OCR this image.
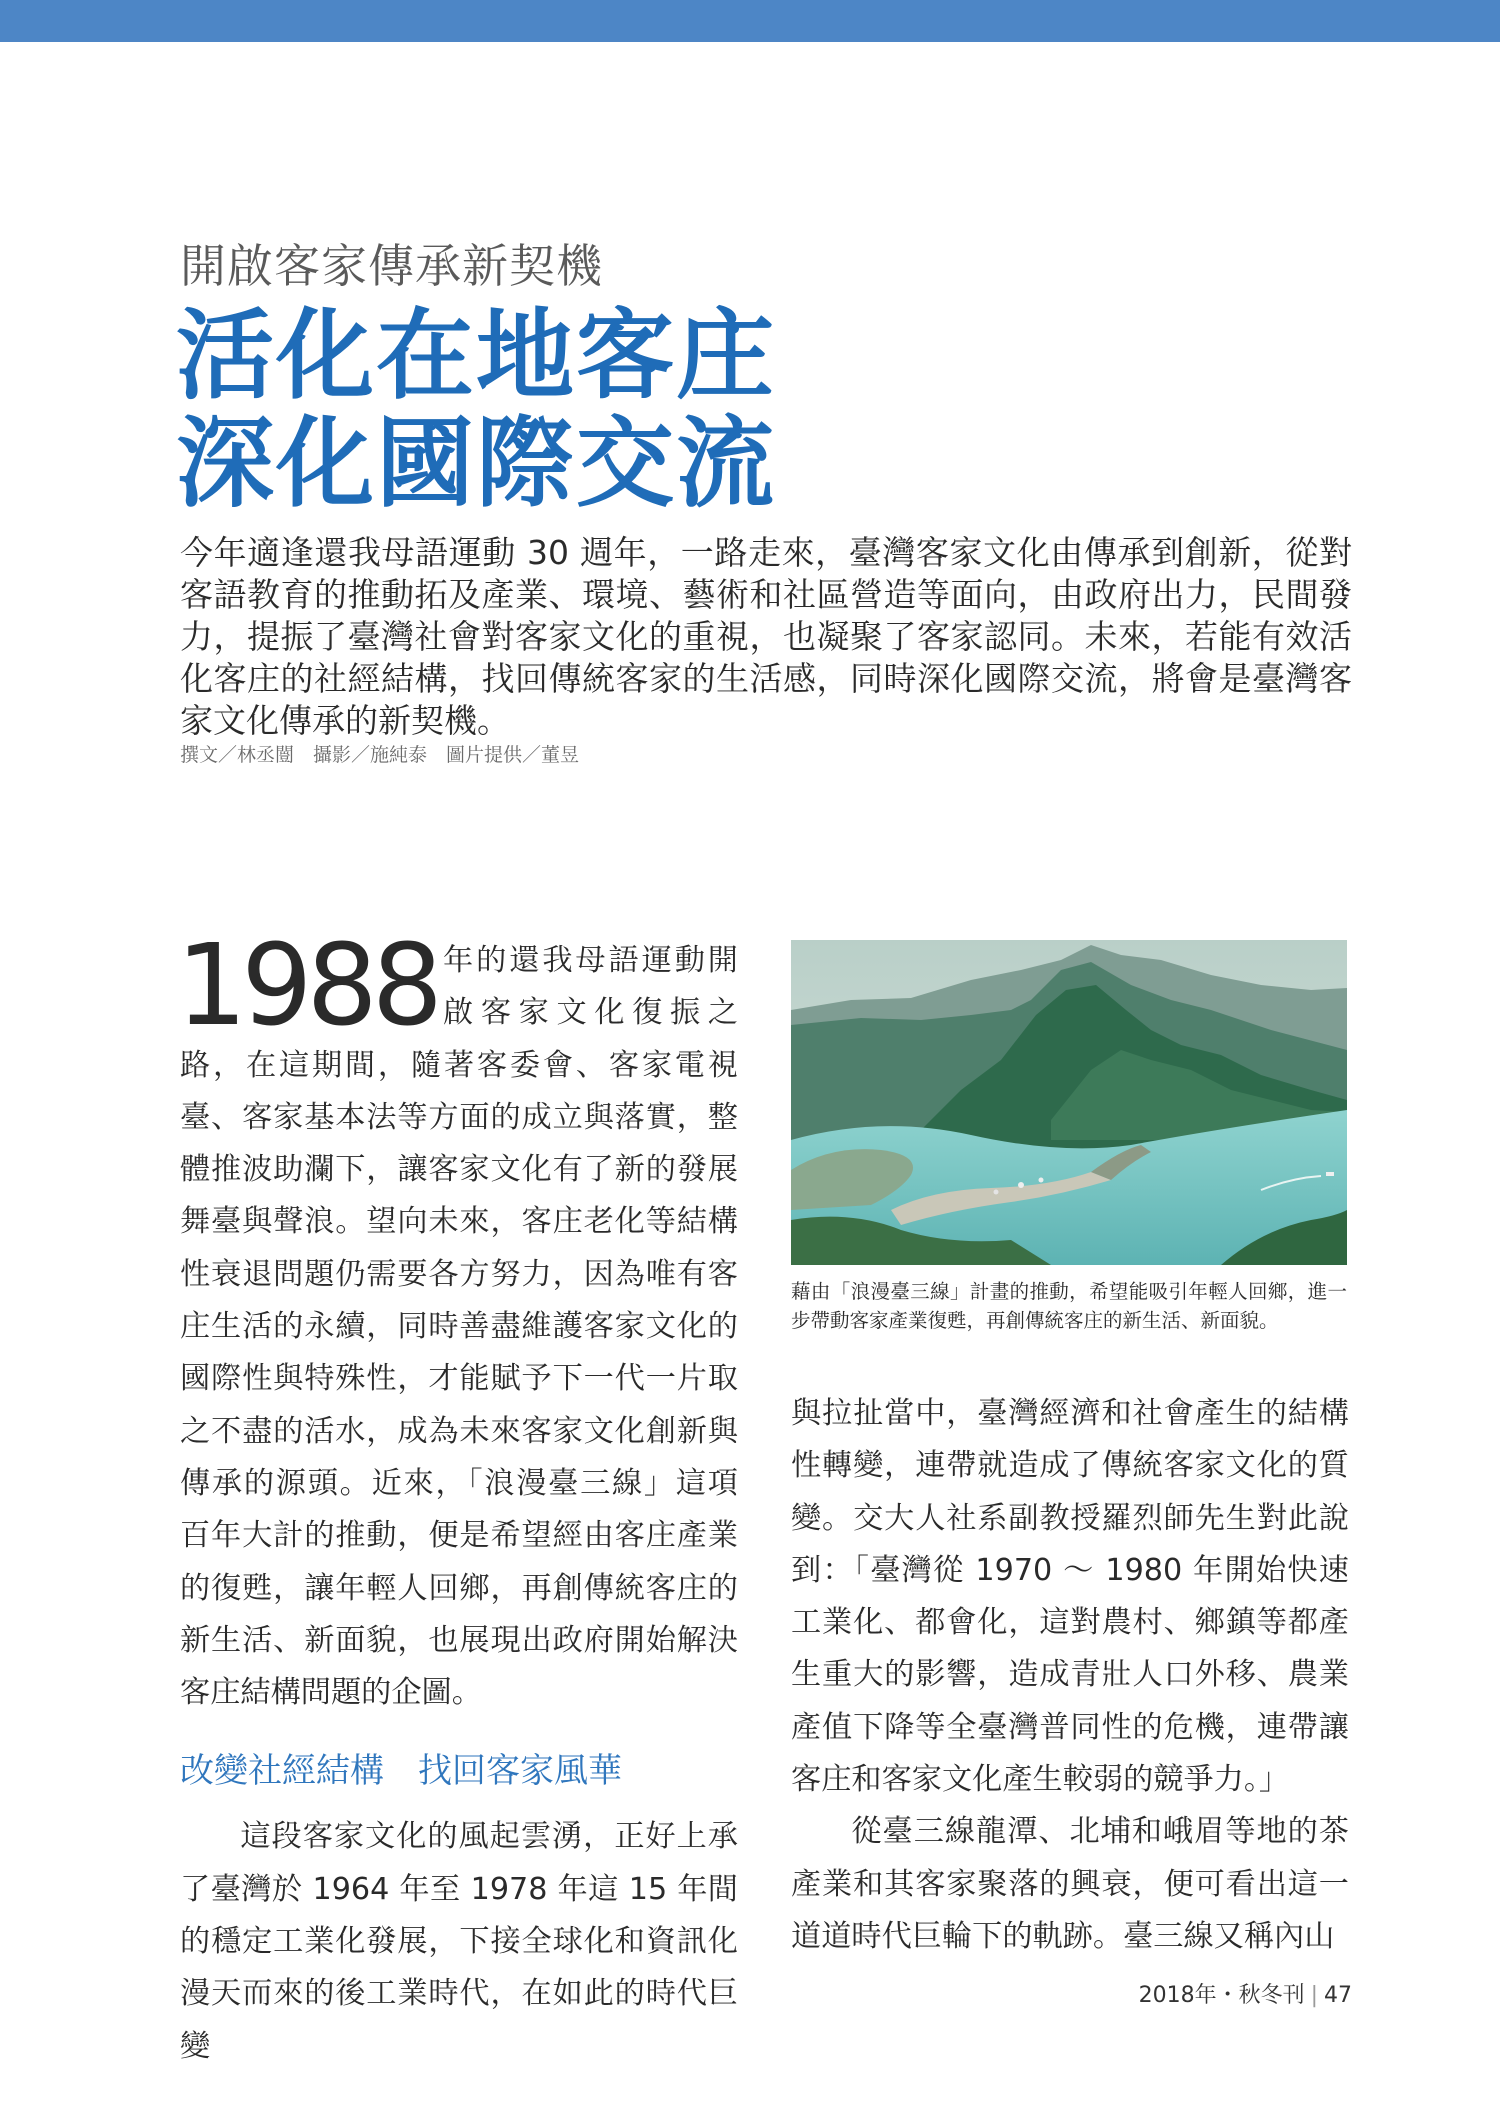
開啟客家傳承新契機
活化在地客庄
深化國際交流
今年適逢還我母語運動 30 週年，一路走來，臺灣客家文化由傳承到創新，從對客語教育的推動拓及產業、環境、藝術和社區營造等面向，由政府出力，民間發力，提振了臺灣社會對客家文化的重視，也凝聚了客家認同。未來，若能有效活化客庄的社經結構，找回傳統客家的生活感，同時深化國際交流，將會是臺灣客家文化傳承的新契機。
撰文／林丞闓　攝影／施純泰　圖片提供／董昱

1988 年的還我母語運動開啟客家文化復振之路，在這期間，隨著客委會、客家電視臺、客家基本法等方面的成立與落實，整體推波助瀾下，讓客家文化有了新的發展舞臺與聲浪。望向未來，客庄老化等結構性衰退問題仍需要各方努力，因為唯有客庄生活的永續，同時善盡維護客家文化的國際性與特殊性，才能賦予下一代一片取之不盡的活水，成為未來客家文化創新與傳承的源頭。近來，「浪漫臺三線」這項百年大計的推動，便是希望經由客庄產業的復甦，讓年輕人回鄉，再創傳統客庄的新生活、新面貌，也展現出政府開始解決客庄結構問題的企圖。

改變社經結構　找回客家風華

這段客家文化的風起雲湧，正好上承了臺灣於 1964 年至 1978 年這 15 年間的穩定工業化發展，下接全球化和資訊化漫天而來的後工業時代，在如此的時代巨變

藉由「浪漫臺三線」計畫的推動，希望能吸引年輕人回鄉，進一步帶動客家產業復甦，再創傳統客庄的新生活、新面貌。

與拉扯當中，臺灣經濟和社會產生的結構性轉變，連帶就造成了傳統客家文化的質變。交大人社系副教授羅烈師先生對此說到：「臺灣從 1970 ～ 1980 年開始快速工業化、都會化，這對農村、鄉鎮等都產生重大的影響，造成青壯人口外移、農業產值下降等全臺灣普同性的危機，連帶讓客庄和客家文化產生較弱的競爭力。」

從臺三線龍潭、北埔和峨眉等地的茶產業和其客家聚落的興衰，便可看出這一道道時代巨輪下的軌跡。臺三線又稱內山

2018年・秋冬刊 | 47
